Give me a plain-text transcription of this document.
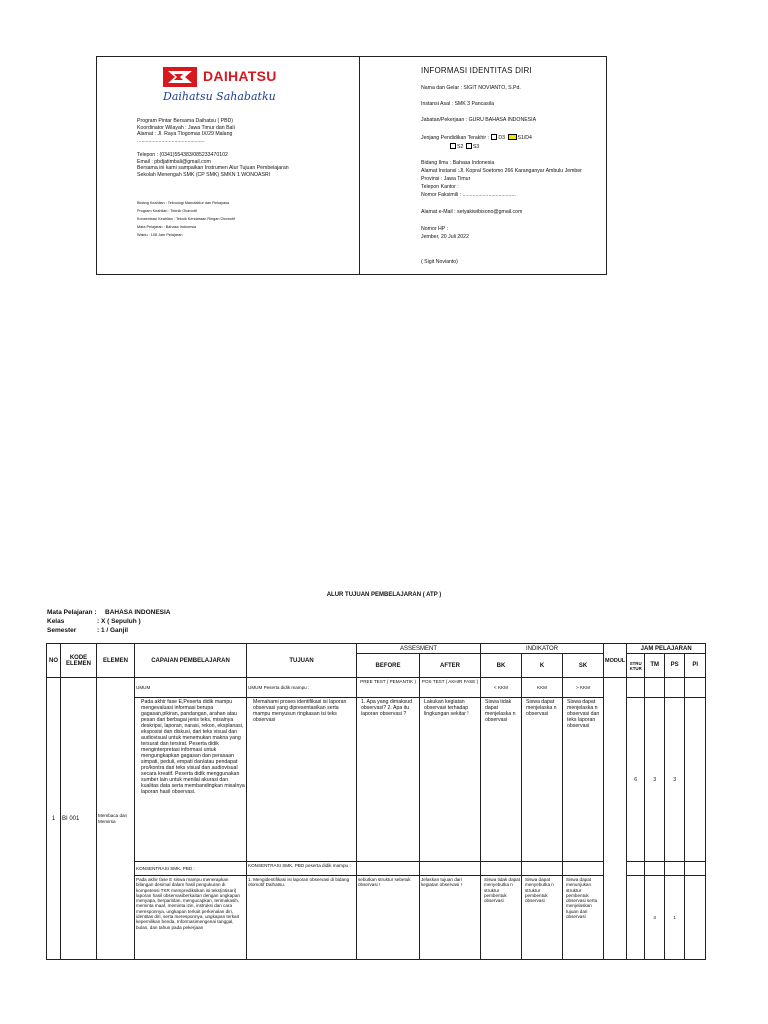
DAIHATSU
Daihatsu Sahabatku
Program Pintar Bersama Daihatsu ( PBD)
Koordinator Wilayah : Jawa Timur dan Bali
Alamat : Jl. Raya Tlogomas IX/29 Malang
...............................................
Telepon : (0341)554383/085233470102
Email : pbdjatimbali@gmail.com
Bersama ini kami sampaikan Instrumen Alur Tujuan Pembelajaran
Sekolah Menengah SMK (CP SMK) SMKN 1 WONOASRI
Bidang Keahlian : Teknologi Manufaktur dan Rekayasa
Program Keahlian : Teknik Otomotif
Konsentrasi Keahlian : Teknik Kendaraan Ringan Otomotif
Mata Pelajaran : Bahasa Indonesia
Waktu : 108 Jam Pelajaran
INFORMASI IDENTITAS DIRI
Nama dan Gelar : SIGIT NOVIANTO, S.Pd.
Instansi Asal : SMK 3 Pancasila
Jabatan/Pekerjaan : GURU BAHASA INDONESIA
Jenjang Pendidikan Terakhir : D3 S1/D4
S2 S3
Bidang Ilmu : Bahasa Indonesia
Alamat Instansi :Jl. Kopral Soetomo 266 Karanganyar Ambulu Jember
Provinsi : Jawa Timur
Telepon Kantor :
Nomor Faksimili : .....................................
Alamat e-Mail : setyakiwibisono@gmail.com
Nomor HP :
Jember, 20 Juli 2022
( Sigit Novianto)
ALUR TUJUAN PEMBELAJARAN ( ATP )
Mata Pelajaran : BAHASA INDONESIA
Kelas	: X ( Sepuluh )
Semester	: 1 / Ganjil
NO	KODE ELEMEN	ELEMEN	CAPAIAN PEMBELAJARAN	TUJUAN	ASSESMENT		INDIKATOR			MODUL	JAM PELAJARAN			
					BEFORE	AFTER	BK	K	SK		STRU KTUR	TM	PS	PI
1	BI 001	Membaca dan Memirsa	UMUM	UMUM Peserta didik mampu :	PREE TEST ( PEMANTIK )	POS TEST ( AKHIR FASE )	< KKM	KKM	> KKM					
			Pada akhir fase E,Peserta didik mampu mengevaluasi informasi berupa gagasan,pikiran, pandangan, arahan atau pesan dari berbagai jenis teks, misalnya deskripsi, laporan, narasi, rekon, eksplanasi, eksposisi dan diskusi, dari teks visual dan audiovisual untuk menemukan makna yang tersurat dan tersirat. Peserta didik menginterpretasi informasi untuk mengungkapkan gagasan dan perasaan simpati, peduli, empati dan/atau pendapat pro/kontra dari teks visual dan audiovisual secara kreatif. Peserta didik menggunakan sumber lain untuk menilai akurasi dan kualitas data serta membandingkan misalnya laporan hasil observasi.	Memahami proses identifikasi isi laporan observasi yang dipresentasikan serta mampu menyusun ringkasan isi teks observasi	1. Apa yang dimaksud observasi? 2. Apa itu laporan observasi ?	Lakukan kegiatan observasi terhadap lingkungan sekitar !	Siswa tidak dapat menjelaska n observasi	Siswa dapat menjelaska n observasi	Siswa dapat menjelaska n observasi dan teks laporan observasi		6	3	3	
			KONSENTRASI SMK. PBD :	KONSENTRASI SMK. PBD peserta didik mampu :										
			Pada akhir fase E siswa mampu menerapkan bilangan desimal dalam hasil pengukuran di kompetensi TKR memprediksikan isi teks(intisari) laporan hasil observasiberkaitan dengan ungkapan menyapa, berpamitan, mengucapkan, terimakasih, meminta maaf, meminta izin, instruksi dan cara meresponnya, ungkapan terkait perkenalan diri, identitas diri, serta meresponnya, ungkapan terkait kepemilikan benda, Informasimengenai tanggal, bulan, dan tahun pada pekerjaan	1. Mengidentifikasi isi laporan observasi di bidang otomotif Daihatsu.	sebutkan struktur sebetuk observasi !	Jelaskan tujuan dari kegiatan observasi !	Siswa tidak dapat menyebutka n struktur pembentuk observasi	Siswa dapat menyebutka n struktur pembentuk observasi	Siswa dapat menunjukan struktur pembentuk observasi serta menjelaskan tujuan dari observasi			3	1	
